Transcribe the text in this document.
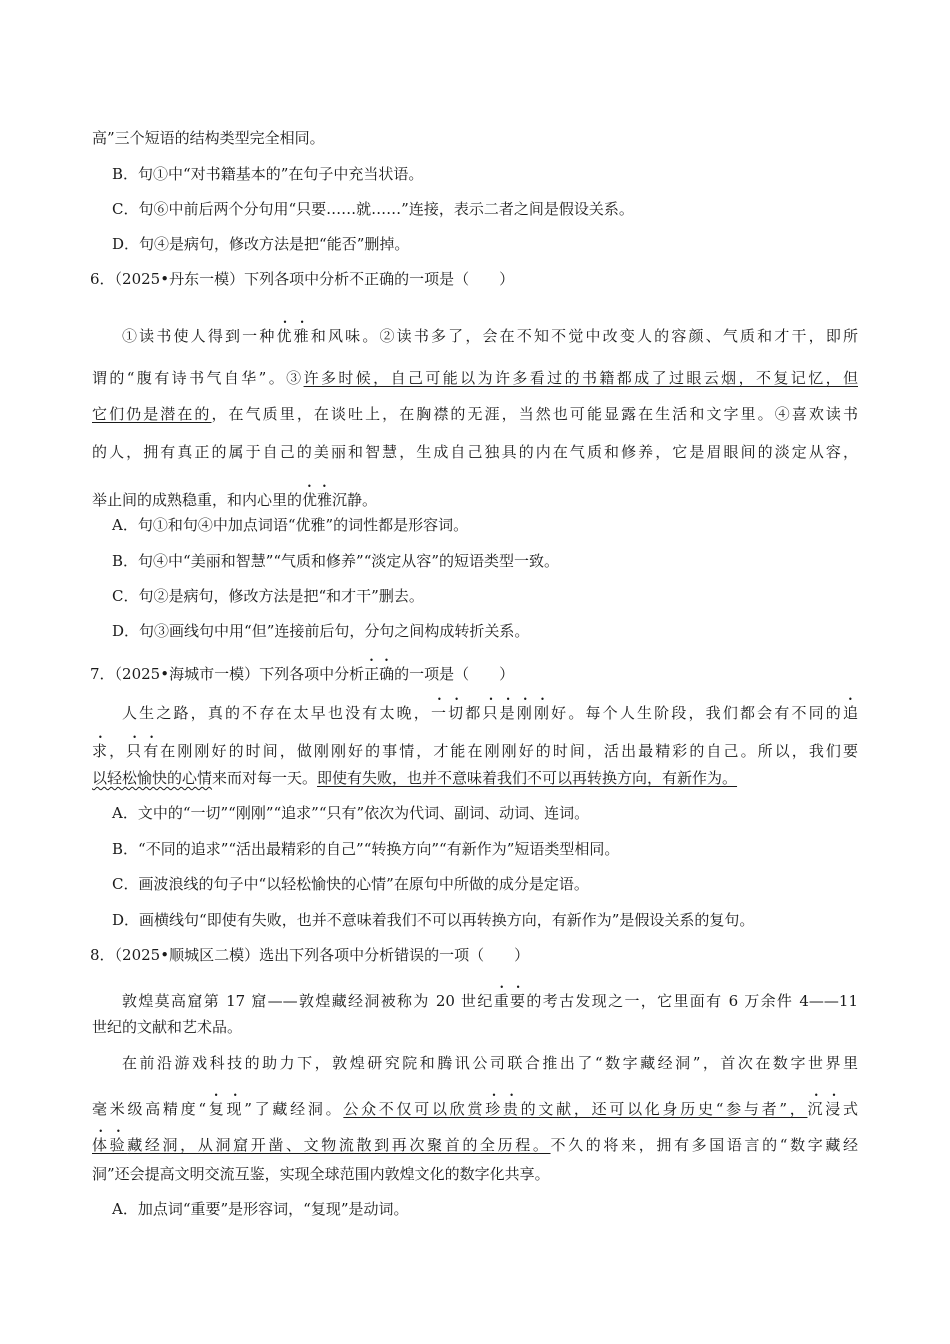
高”三个短语的结构类型完全相同。
B．句①中“对书籍基本的”在句子中充当状语。
C．句⑥中前后两个分句用“只要……就……”连接，表示二者之间是假设关系。
D．句④是病句，修改方法是把“能否”删掉。
6．（2025•丹东一模）下列各项中分析不正确的一项是（　　）
①读书使人得到一种优雅和风味。②读书多了，会在不知不觉中改变人的容颜、气质和才干，即所
谓的“腹有诗书气自华”。③许多时候，自己可能以为许多看过的书籍都成了过眼云烟，不复记忆，但
它们仍是潜在的，在气质里，在谈吐上，在胸襟的无涯，当然也可能显露在生活和文字里。④喜欢读书
的人，拥有真正的属于自己的美丽和智慧，生成自己独具的内在气质和修养，它是眉眼间的淡定从容，
举止间的成熟稳重，和内心里的优雅沉静。
A．句①和句④中加点词语“优雅”的词性都是形容词。
B．句④中“美丽和智慧”“气质和修养”“淡定从容”的短语类型一致。
C．句②是病句，修改方法是把“和才干”删去。
D．句③画线句中用“但”连接前后句，分句之间构成转折关系。
7．（2025•海城市一模）下列各项中分析正确的一项是（　　）
人生之路，真的不存在太早也没有太晚，一切都只是刚刚好。每个人生阶段，我们都会有不同的追
求，只有在刚刚好的时间，做刚刚好的事情，才能在刚刚好的时间，活出最精彩的自己。所以，我们要
以轻松愉快的心情来而对每一天。即使有失败，也并不意味着我们不可以再转换方向，有新作为。
A．文中的“一切”“刚刚”“追求”“只有”依次为代词、副词、动词、连词。
B．“不同的追求”“活出最精彩的自己”“转换方向”“有新作为”短语类型相同。
C．画波浪线的句子中“以轻松愉快的心情”在原句中所做的成分是定语。
D．画横线句“即使有失败，也并不意味着我们不可以再转换方向，有新作为”是假设关系的复句。
8．（2025•顺城区二模）选出下列各项中分析错误的一项（　　）
敦煌莫高窟第 17 窟——敦煌藏经洞被称为 20 世纪重要的考古发现之一，它里面有 6 万余件 4——11
世纪的文献和艺术品。
在前沿游戏科技的助力下，敦煌研究院和腾讯公司联合推出了“数字藏经洞”，首次在数字世界里
毫米级高精度“复现”了藏经洞。公众不仅可以欣赏珍贵的文献，还可以化身历史“参与者”，沉浸式
体验藏经洞，从洞窟开凿、文物流散到再次聚首的全历程。不久的将来，拥有多国语言的“数字藏经
洞”还会提高文明交流互鉴，实现全球范围内敦煌文化的数字化共享。
A．加点词“重要”是形容词，“复现”是动词。
